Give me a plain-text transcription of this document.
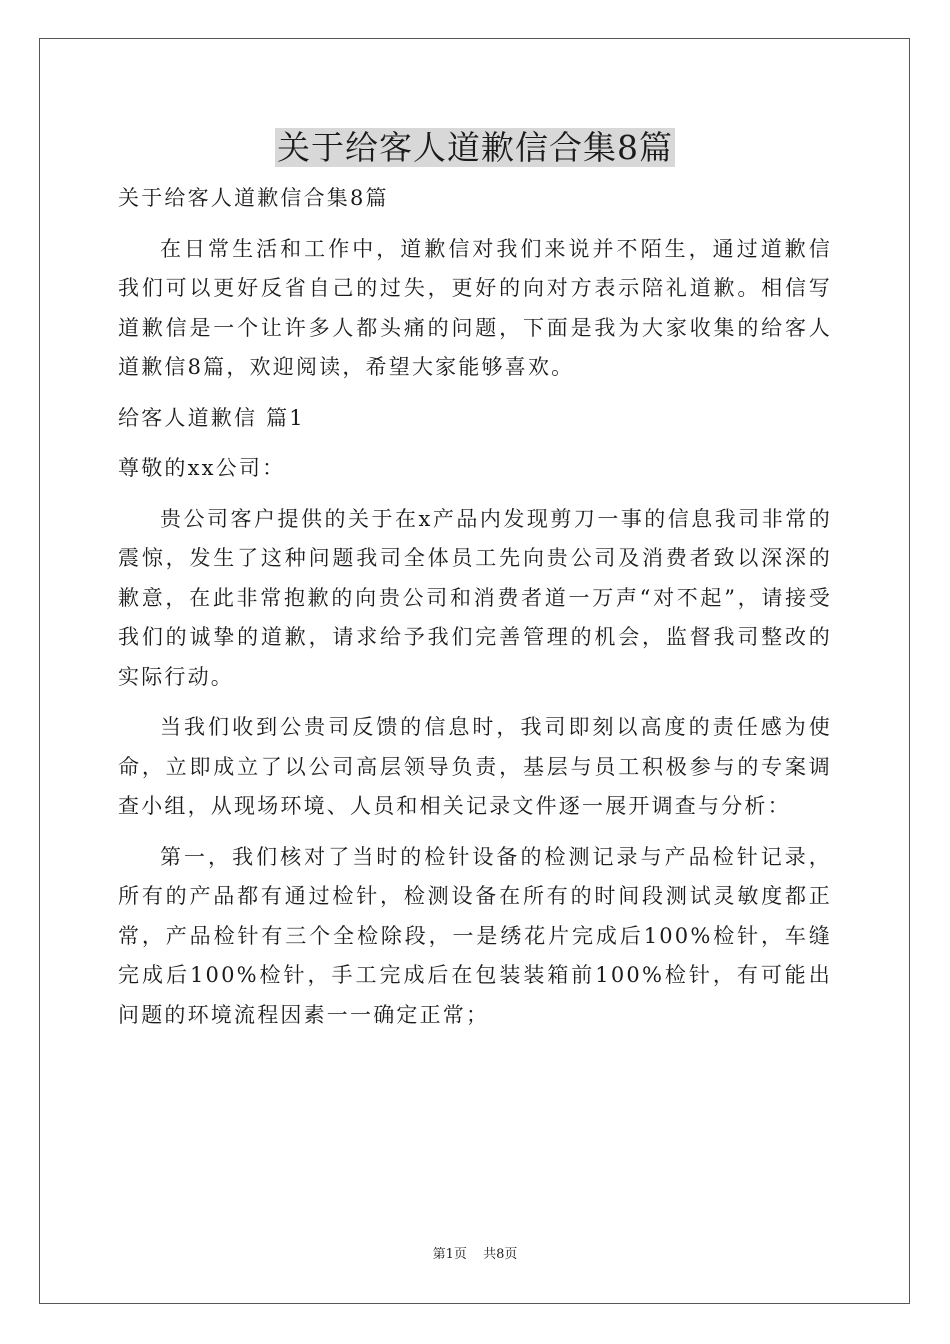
关于给客人道歉信合集8篇

关于给客人道歉信合集8篇

在日常生活和工作中，道歉信对我们来说并不陌生，通过道歉信我们可以更好反省自己的过失，更好的向对方表示陪礼道歉。相信写道歉信是一个让许多人都头痛的问题，下面是我为大家收集的给客人道歉信8篇，欢迎阅读，希望大家能够喜欢。

给客人道歉信 篇1

尊敬的xx公司：

贵公司客户提供的关于在x产品内发现剪刀一事的信息我司非常的震惊，发生了这种问题我司全体员工先向贵公司及消费者致以深深的歉意，在此非常抱歉的向贵公司和消费者道一万声“对不起”，请接受我们的诚挚的道歉，请求给予我们完善管理的机会，监督我司整改的实际行动。

当我们收到公贵司反馈的信息时，我司即刻以高度的责任感为使命，立即成立了以公司高层领导负责，基层与员工积极参与的专案调查小组，从现场环境、人员和相关记录文件逐一展开调查与分析：

第一，我们核对了当时的检针设备的检测记录与产品检针记录，所有的产品都有通过检针，检测设备在所有的时间段测试灵敏度都正常，产品检针有三个全检除段，一是绣花片完成后100%检针，车缝完成后100%检针，手工完成后在包装装箱前100%检针，有可能出问题的环境流程因素一一确定正常；

第1页 共8页
